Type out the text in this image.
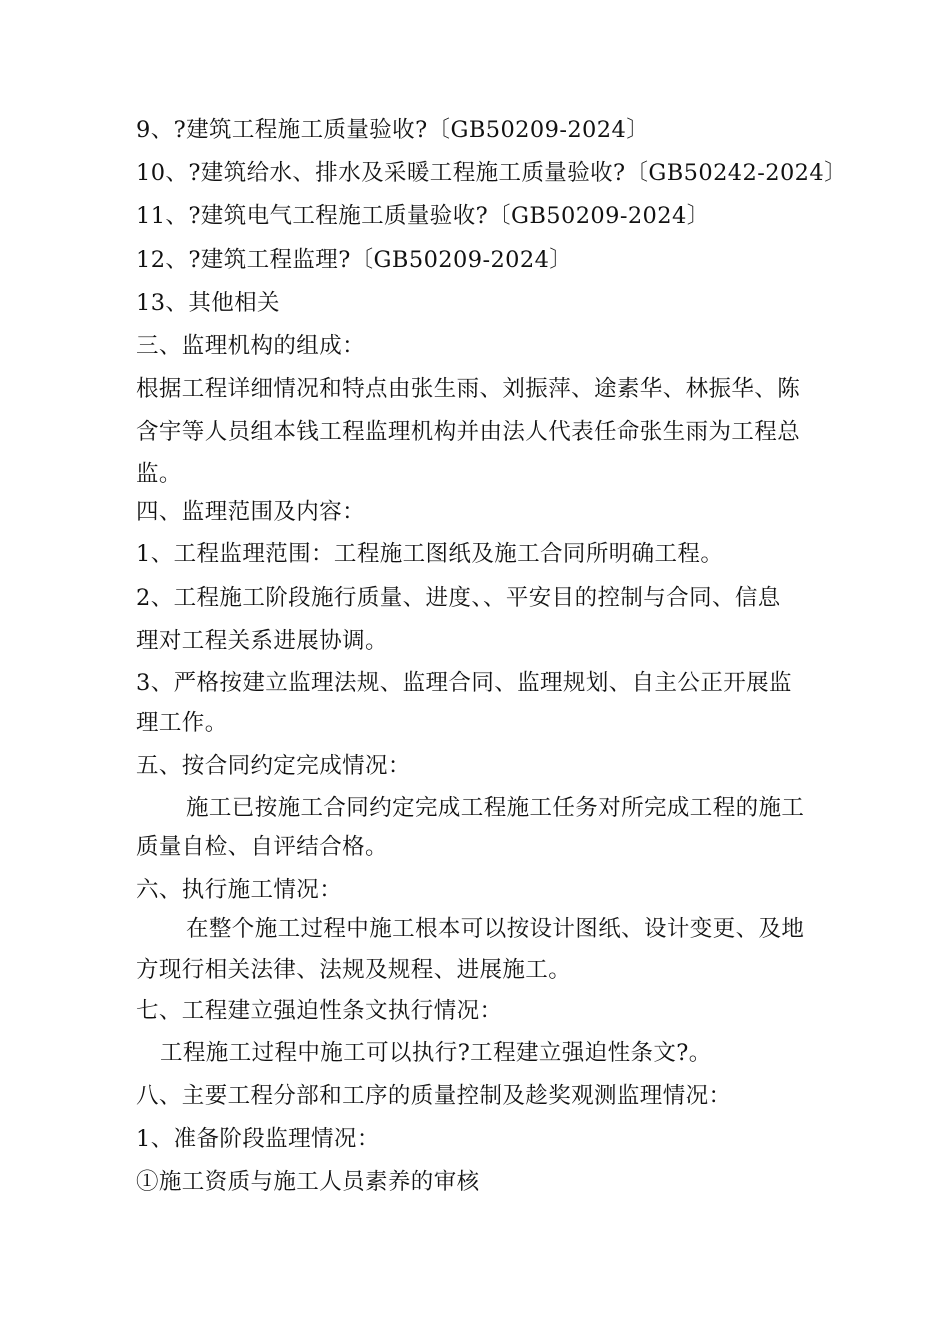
9、?建筑工程施工质量验收?〔GB50209-2024〕
10、?建筑给水、排水及采暖工程施工质量验收?〔GB50242-2024〕
11、?建筑电气工程施工质量验收?〔GB50209-2024〕
12、?建筑工程监理?〔GB50209-2024〕
13、其他相关
三、监理机构的组成：
根据工程详细情况和特点由张生雨、刘振萍、途素华、林振华、陈
含宇等人员组本钱工程监理机构并由法人代表任命张生雨为工程总
监。
四、监理范围及内容：
1、工程监理范围：工程施工图纸及施工合同所明确工程。
2、工程施工阶段施行质量、进度、、平安目的控制与合同、信息
理对工程关系进展协调。
3、严格按建立监理法规、监理合同、监理规划、自主公正开展监
理工作。
五、按合同约定完成情况：
施工已按施工合同约定完成工程施工任务对所完成工程的施工
质量自检、自评结合格。
六、执行施工情况：
在整个施工过程中施工根本可以按设计图纸、设计变更、及地
方现行相关法律、法规及规程、进展施工。
七、工程建立强迫性条文执行情况：
工程施工过程中施工可以执行?工程建立强迫性条文?。
八、主要工程分部和工序的质量控制及趁奖观测监理情况：
1、准备阶段监理情况：
①施工资质与施工人员素养的审核
